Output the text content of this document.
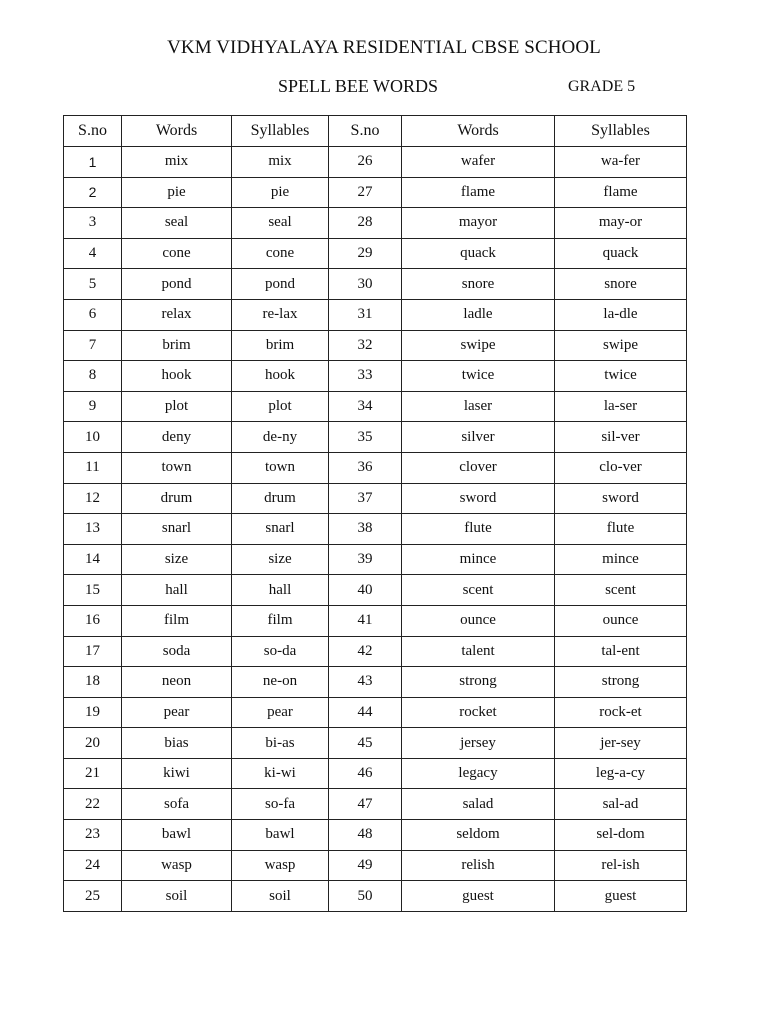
VKM VIDHYALAYA RESIDENTIAL CBSE SCHOOL
SPELL BEE WORDS	GRADE 5
S.no	Words	Syllables	S.no	Words	Syllables
1	mix	mix	26	wafer	wa-fer
2	pie	pie	27	flame	flame
3	seal	seal	28	mayor	may-or
4	cone	cone	29	quack	quack
5	pond	pond	30	snore	snore
6	relax	re-lax	31	ladle	la-dle
7	brim	brim	32	swipe	swipe
8	hook	hook	33	twice	twice
9	plot	plot	34	laser	la-ser
10	deny	de-ny	35	silver	sil-ver
11	town	town	36	clover	clo-ver
12	drum	drum	37	sword	sword
13	snarl	snarl	38	flute	flute
14	size	size	39	mince	mince
15	hall	hall	40	scent	scent
16	film	film	41	ounce	ounce
17	soda	so-da	42	talent	tal-ent
18	neon	ne-on	43	strong	strong
19	pear	pear	44	rocket	rock-et
20	bias	bi-as	45	jersey	jer-sey
21	kiwi	ki-wi	46	legacy	leg-a-cy
22	sofa	so-fa	47	salad	sal-ad
23	bawl	bawl	48	seldom	sel-dom
24	wasp	wasp	49	relish	rel-ish
25	soil	soil	50	guest	guest
